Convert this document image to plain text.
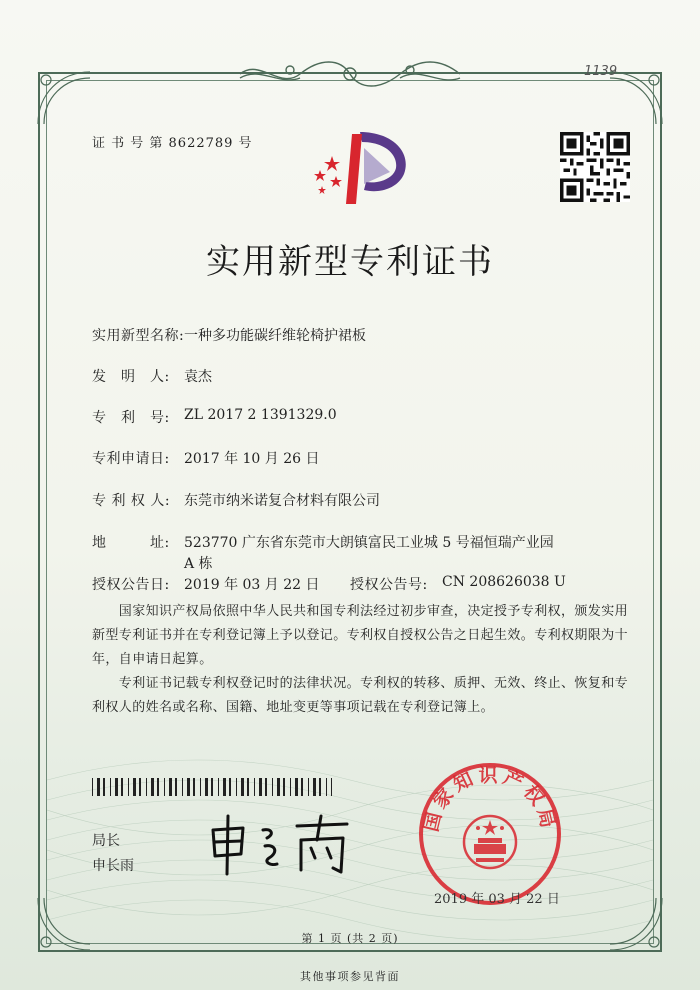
1139
证 书 号 第 8622789 号
实用新型专利证书
实用新型名称: 一种多功能碳纤维轮椅护裙板
发　明　人: 袁杰
专　利　号: ZL 2017 2 1391329.0
专利申请日: 2017 年 10 月 26 日
专 利 权 人: 东莞市纳米诺复合材料有限公司
地　　　址: 523770 广东省东莞市大朗镇富民工业城 5 号福恒瑞产业园
A 栋
授权公告日: 2019 年 03 月 22 日 授权公告号: CN 208626038 U
　　国家知识产权局依照中华人民共和国专利法经过初步审查，决定授予专利权，颁发实用
新型专利证书并在专利登记簿上予以登记。专利权自授权公告之日起生效。专利权期限为十
年，自申请日起算。
　　专利证书记载专利权登记时的法律状况。专利权的转移、质押、无效、终止、恢复和专
利权人的姓名或名称、国籍、地址变更等事项记载在专利登记簿上。
局长
申长雨
国家知识产权局
2019 年 03 月 22 日
第 1 页 (共 2 页)
其他事项参见背面
